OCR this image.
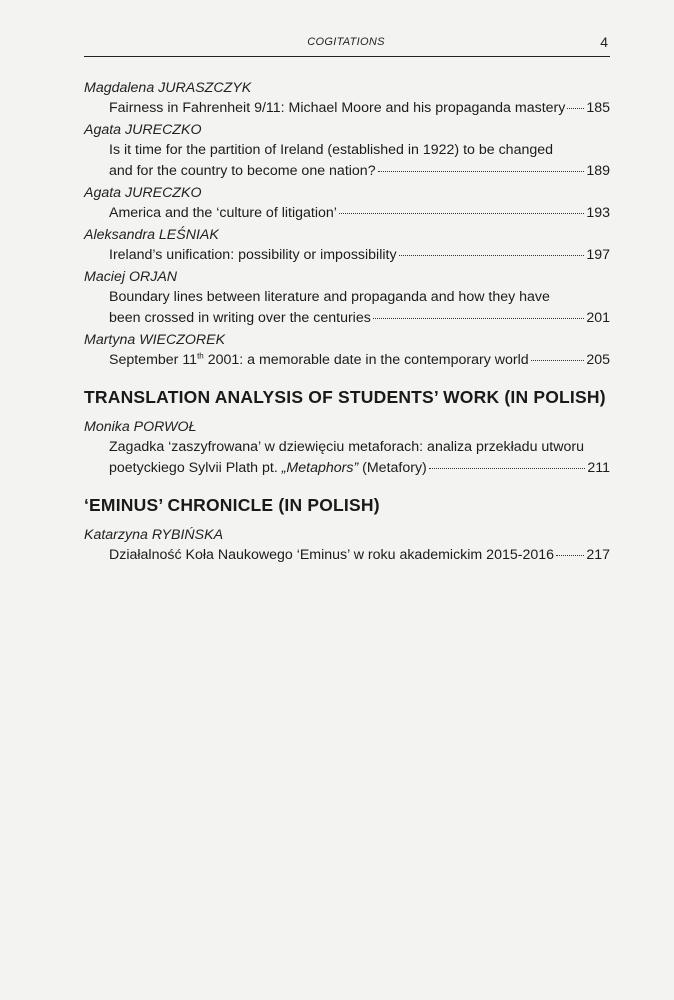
COGITATIONS	4

Magdalena JURASZCZYK

Fairness in Fahrenheit 9/11: Michael Moore and his propaganda mastery 185

Agata JURECZKO

Is it time for the partition of Ireland (established in 1922) to be changed
and for the country to become one nation?	189

Agata JURECZKO

America and the ‘culture of litigation’	193

Aleksandra LEŚNIAK

Ireland’s unification: possibility or impossibility	197

Maciej ORJAN

Boundary lines between literature and propaganda and how they have
been crossed in writing over the centuries	201

Martyna WIECZOREK

September 11th 2001: a memorable date in the contemporary world	205
TRANSLATION ANALYSIS OF STUDENTS’ WORK (IN POLISH)

Monika PORWOŁ

Zagadka ‘zaszyfrowana’ w dziewięciu metaforach: analiza przekładu utworu
poetyckiego Sylvii Plath pt. „Metaphors” (Metafory)	211
‘EMINUS’ CHRONICLE (IN POLISH)

Katarzyna RYBIŃSKA

Działalność Koła Naukowego ‘Eminus’ w roku akademickim 2015-2016 217
